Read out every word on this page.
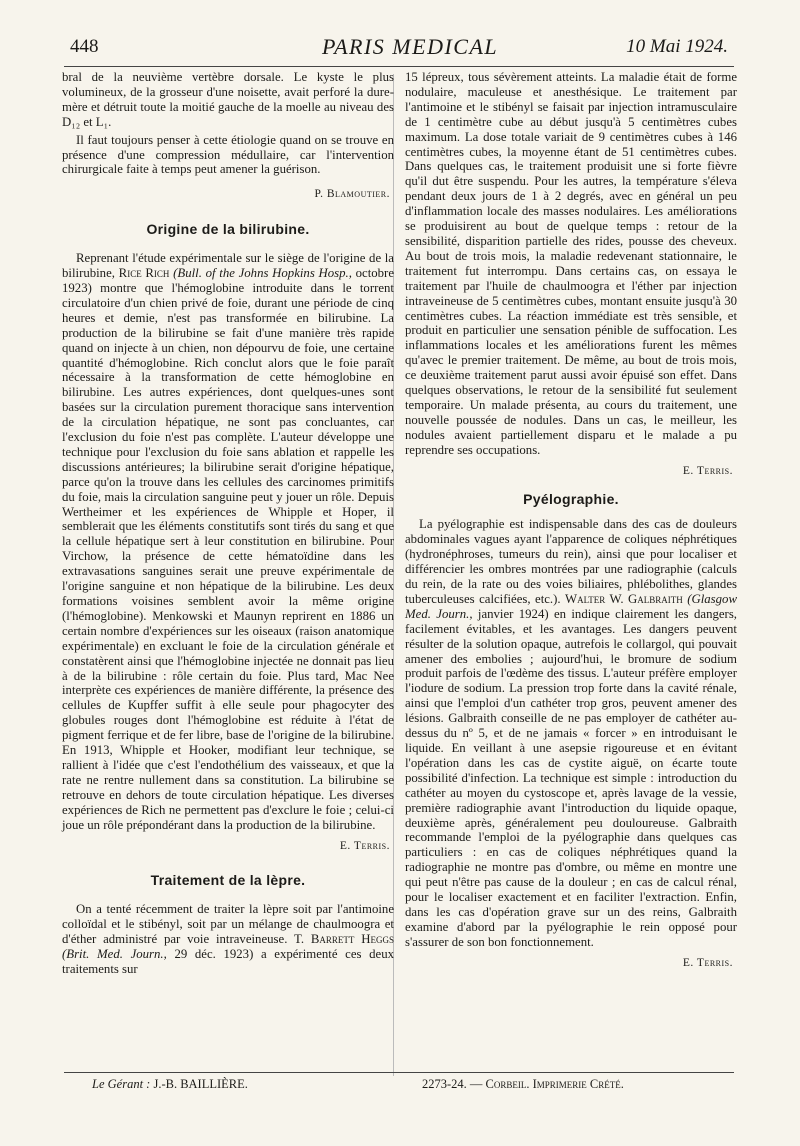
448	PARIS MEDICAL	10 Mai 1924.

bral de la neuvième vertèbre dorsale. Le kyste le plus volumineux, de la grosseur d'une noisette, avait perforé la dure-mère et détruit toute la moitié gauche de la moelle au niveau des D₁₂ et L₁.

Il faut toujours penser à cette étiologie quand on se trouve en présence d'une compression médullaire, car l'intervention chirurgicale faite à temps peut amener la guérison.

P. Blamoutier.
Origine de la bilirubine.

Reprenant l'étude expérimentale sur le siège de l'origine de la bilirubine, Rice Rich (Bull. of the Johns Hopkins Hosp., octobre 1923) montre que l'hémoglobine introduite dans le torrent circulatoire d'un chien privé de foie, durant une période de cinq heures et demie, n'est pas transformée en bilirubine. La production de la bilirubine se fait d'une manière très rapide quand on injecte à un chien, non dépourvu de foie, une certaine quantité d'hémoglobine. Rich conclut alors que le foie paraît nécessaire à la transformation de cette hémoglobine en bilirubine. Les autres expériences, dont quelques-unes sont basées sur la circulation purement thoracique sans intervention de la circulation hépatique, ne sont pas concluantes, car l'exclusion du foie n'est pas complète. L'auteur développe une technique pour l'exclusion du foie sans ablation et rappelle les discussions antérieures; la bilirubine serait d'origine hépatique, parce qu'on la trouve dans les cellules des carcinomes primitifs du foie, mais la circulation sanguine peut y jouer un rôle. Depuis Wertheimer et les expériences de Whipple et Hoper, il semblerait que les éléments constitutifs sont tirés du sang et que la cellule hépatique sert à leur constitution en bilirubine. Pour Virchow, la présence de cette hématoïdine dans les extravasations sanguines serait une preuve expérimentale de l'origine sanguine et non hépatique de la bilirubine. Les deux formations voisines semblent avoir la même origine (l'hémoglobine). Menkowski et Maunyn reprirent en 1886 un certain nombre d'expériences sur les oiseaux (raison anatomique expérimentale) en excluant le foie de la circulation générale et constatèrent ainsi que l'hémoglobine injectée ne donnait pas lieu à de la bilirubine : rôle certain du foie. Plus tard, Mac Nee interprète ces expériences de manière différente, la présence des cellules de Kupffer suffit à elle seule pour phagocyter des globules rouges dont l'hémoglobine est réduite à l'état de pigment ferrique et de fer libre, base de l'origine de la bilirubine. En 1913, Whipple et Hooker, modifiant leur technique, se rallient à l'idée que c'est l'endothélium des vaisseaux, et que la rate ne rentre nullement dans sa constitution. La bilirubine se retrouve en dehors de toute circulation hépatique. Les diverses expériences de Rich ne permettent pas d'exclure le foie ; celui-ci joue un rôle prépondérant dans la production de la bilirubine.

E. Terris.
Traitement de la lèpre.

On a tenté récemment de traiter la lèpre soit par l'antimoine colloïdal et le stibényl, soit par un mélange de chaulmoogra et d'éther administré par voie intraveineuse. T. Barrett Heggs (Brit. Med. Journ., 29 déc. 1923) a expérimenté ces deux traitements sur

15 lépreux, tous sévèrement atteints. La maladie était de forme nodulaire, maculeuse et anesthésique. Le traitement par l'antimoine et le stibényl se faisait par injection intramusculaire de 1 centimètre cube au début jusqu'à 5 centimètres cubes maximum. La dose totale variait de 9 centimètres cubes à 146 centimètres cubes, la moyenne étant de 51 centimètres cubes. Dans quelques cas, le traitement produisit une si forte fièvre qu'il dut être suspendu. Pour les autres, la température s'éleva pendant deux jours de 1 à 2 degrés, avec en général un peu d'inflammation locale des masses nodulaires. Les améliorations se produisirent au bout de quelque temps : retour de la sensibilité, disparition partielle des rides, pousse des cheveux. Au bout de trois mois, la maladie redevenant stationnaire, le traitement fut interrompu. Dans certains cas, on essaya le traitement par l'huile de chaulmoogra et l'éther par injection intraveineuse de 5 centimètres cubes, montant ensuite jusqu'à 30 centimètres cubes. La réaction immédiate est très sensible, et produit en particulier une sensation pénible de suffocation. Les inflammations locales et les améliorations furent les mêmes qu'avec le premier traitement. De même, au bout de trois mois, ce deuxième traitement parut aussi avoir épuisé son effet. Dans quelques observations, le retour de la sensibilité fut seulement temporaire. Un malade présenta, au cours du traitement, une nouvelle poussée de nodules. Dans un cas, le meilleur, les nodules avaient partiellement disparu et le malade a pu reprendre ses occupations.

E. Terris.
Pyélographie.

La pyélographie est indispensable dans des cas de douleurs abdominales vagues ayant l'apparence de coliques néphrétiques (hydronéphroses, tumeurs du rein), ainsi que pour localiser et différencier les ombres montrées par une radiographie (calculs du rein, de la rate ou des voies biliaires, phlébolithes, glandes tuberculeuses calcifiées, etc.). Walter W. Galbraith (Glasgow Med. Journ., janvier 1924) en indique clairement les dangers, facilement évitables, et les avantages. Les dangers peuvent résulter de la solution opaque, autrefois le collargol, qui pouvait amener des embolies ; aujourd'hui, le bromure de sodium produit parfois de l'œdème des tissus. L'auteur préfère employer l'iodure de sodium. La pression trop forte dans la cavité rénale, ainsi que l'emploi d'un cathéter trop gros, peuvent amener des lésions. Galbraith conseille de ne pas employer de cathéter au-dessus du nº 5, et de ne jamais « forcer » en introduisant le liquide. En veillant à une asepsie rigoureuse et en évitant l'opération dans les cas de cystite aiguë, on écarte toute possibilité d'infection. La technique est simple : introduction du cathéter au moyen du cystoscope et, après lavage de la vessie, première radiographie avant l'introduction du liquide opaque, deuxième après, généralement peu douloureuse. Galbraith recommande l'emploi de la pyélographie dans quelques cas particuliers : en cas de coliques néphrétiques quand la radiographie ne montre pas d'ombre, ou même en montre une qui peut n'être pas cause de la douleur ; en cas de calcul rénal, pour le localiser exactement et en faciliter l'extraction. Enfin, dans les cas d'opération grave sur un des reins, Galbraith examine d'abord par la pyélographie le rein opposé pour s'assurer de son bon fonctionnement.

E. Terris.
Le Gérant : J.-B. BAILLIÈRE.	2273-24. — Corbeil. Imprimerie Crété.
